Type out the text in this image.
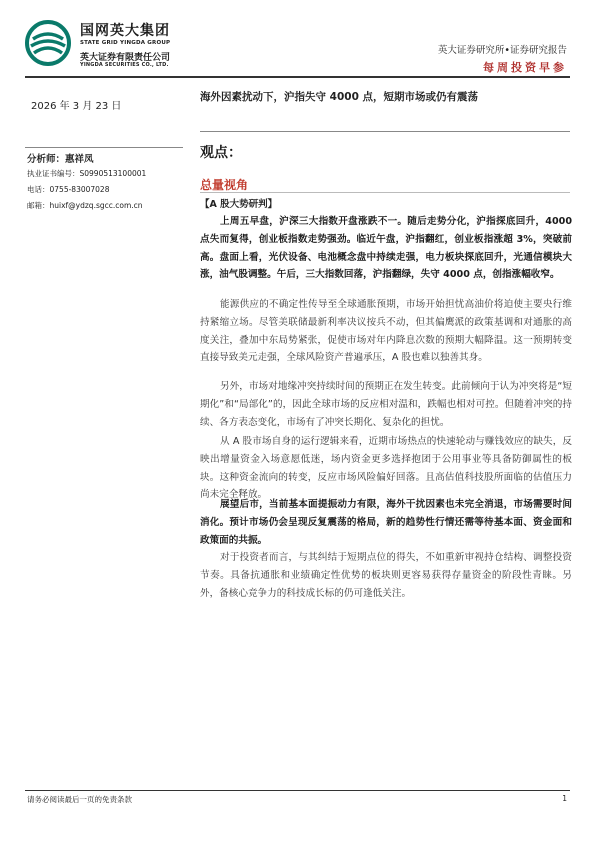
国网英大集团
STATE GRID YINGDA GROUP
英大证券有限责任公司
YINGDA SECURITIES CO., LTD.
英大证券研究所•证券研究报告
每周投资早参
2026 年 3 月 23 日
海外因素扰动下，沪指失守 4000 点，短期市场或仍有震荡
分析师：惠祥凤
执业证书编号：S0990513100001
电话：0755-83007028
邮箱：huixf@ydzq.sgcc.com.cn
观点：
总量视角
【A 股大势研判】

上周五早盘，沪深三大指数开盘涨跌不一。随后走势分化，沪指探底回升，4000 点失而复得，创业板指数走势强劲。临近午盘，沪指翻红，创业板指涨超 3%，突破前高。盘面上看，光伏设备、电池概念盘中持续走强，电力板块探底回升，光通信模块大涨，油气股调整。午后，三大指数回落，沪指翻绿，失守 4000 点，创指涨幅收窄。

能源供应的不确定性传导至全球通胀预期，市场开始担忧高油价将迫使主要央行维持紧缩立场。尽管美联储最新利率决议按兵不动，但其偏鹰派的政策基调和对通胀的高度关注，叠加中东局势紧张，促使市场对年内降息次数的预期大幅降温。这一预期转变直接导致美元走强，全球风险资产普遍承压，A 股也难以独善其身。

另外，市场对地缘冲突持续时间的预期正在发生转变。此前倾向于认为冲突将是“短期化”和“局部化”的，因此全球市场的反应相对温和，跌幅也相对可控。但随着冲突的持续、各方表态变化，市场有了冲突长期化、复杂化的担忧。

从 A 股市场自身的运行逻辑来看，近期市场热点的快速轮动与赚钱效应的缺失，反映出增量资金入场意愿低迷，场内资金更多选择抱团于公用事业等具备防御属性的板块。这种资金流向的转变，反应市场风险偏好回落。且高估值科技股所面临的估值压力尚未完全释放。

展望后市，当前基本面提振动力有限，海外干扰因素也未完全消退，市场需要时间消化。预计市场仍会呈现反复震荡的格局，新的趋势性行情还需等待基本面、资金面和政策面的共振。

对于投资者而言，与其纠结于短期点位的得失，不如重新审视持仓结构、调整投资节奏。具备抗通胀和业绩确定性优势的板块则更容易获得存量资金的阶段性青睐。另外，备核心竞争力的科技成长标的仍可逢低关注。

请务必阅读最后一页的免责条款	1
